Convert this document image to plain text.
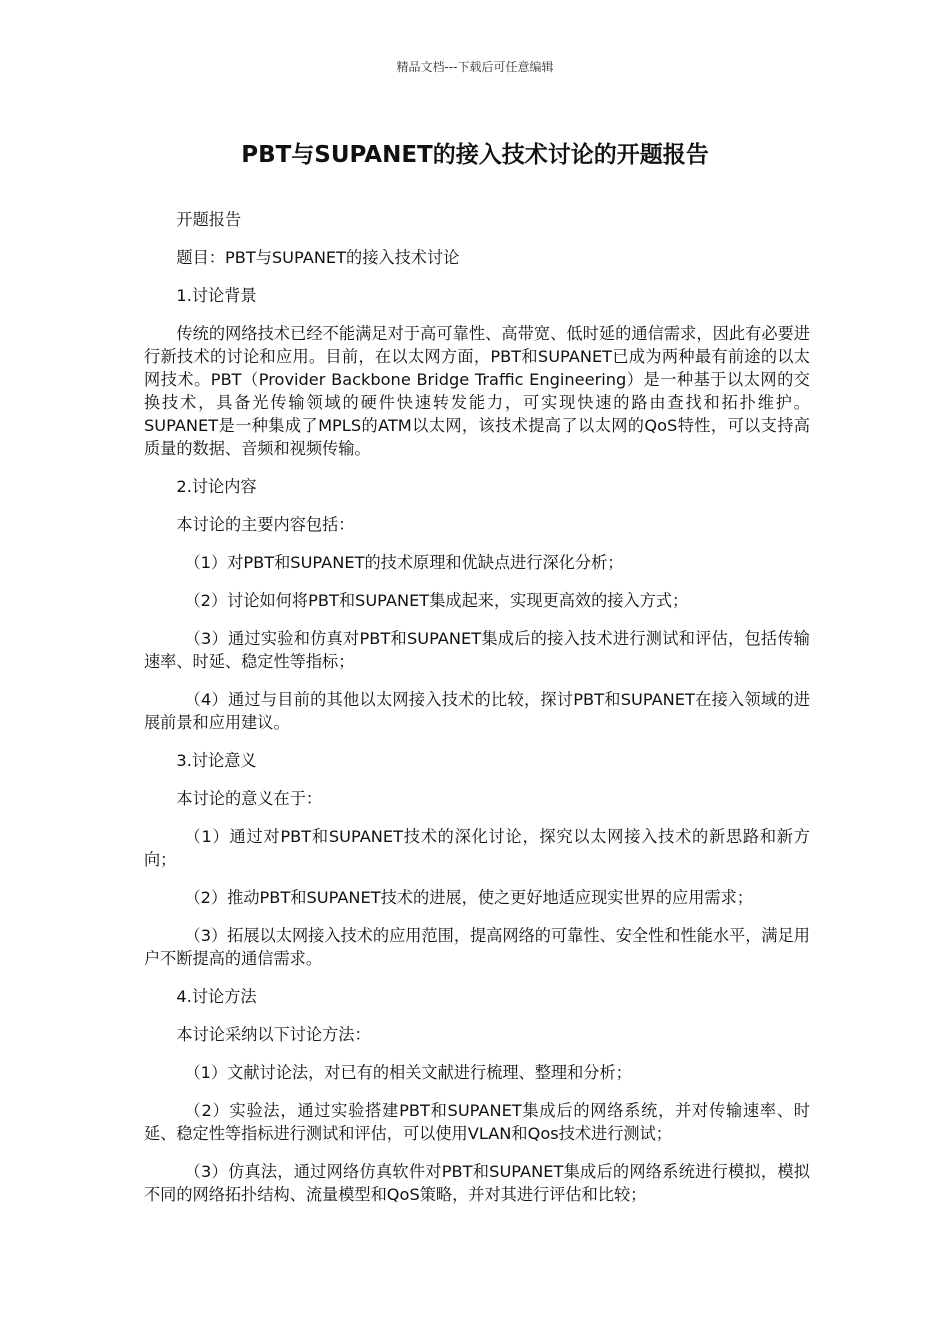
精品文档---下载后可任意编辑
PBT与SUPANET的接入技术讨论的开题报告

开题报告

题目：PBT与SUPANET的接入技术讨论

1.讨论背景

传统的网络技术已经不能满足对于高可靠性、高带宽、低时延的通信需求，因此有必要进行新技术的讨论和应用。目前，在以太网方面，PBT和SUPANET已成为两种最有前途的以太网技术。PBT（Provider Backbone Bridge Traffic Engineering）是一种基于以太网的交换技术，具备光传输领域的硬件快速转发能力，可实现快速的路由查找和拓扑维护。SUPANET是一种集成了MPLS的ATM以太网，该技术提高了以太网的QoS特性，可以支持高质量的数据、音频和视频传输。

2.讨论内容

本讨论的主要内容包括：

（1）对PBT和SUPANET的技术原理和优缺点进行深化分析；

（2）讨论如何将PBT和SUPANET集成起来，实现更高效的接入方式；

（3）通过实验和仿真对PBT和SUPANET集成后的接入技术进行测试和评估，包括传输速率、时延、稳定性等指标；

（4）通过与目前的其他以太网接入技术的比较，探讨PBT和SUPANET在接入领域的进展前景和应用建议。

3.讨论意义

本讨论的意义在于：

（1）通过对PBT和SUPANET技术的深化讨论，探究以太网接入技术的新思路和新方向；

（2）推动PBT和SUPANET技术的进展，使之更好地适应现实世界的应用需求；

（3）拓展以太网接入技术的应用范围，提高网络的可靠性、安全性和性能水平，满足用户不断提高的通信需求。

4.讨论方法

本讨论采纳以下讨论方法：

（1）文献讨论法，对已有的相关文献进行梳理、整理和分析；

（2）实验法，通过实验搭建PBT和SUPANET集成后的网络系统，并对传输速率、时延、稳定性等指标进行测试和评估，可以使用VLAN和Qos技术进行测试；

（3）仿真法，通过网络仿真软件对PBT和SUPANET集成后的网络系统进行模拟，模拟不同的网络拓扑结构、流量模型和QoS策略，并对其进行评估和比较；
